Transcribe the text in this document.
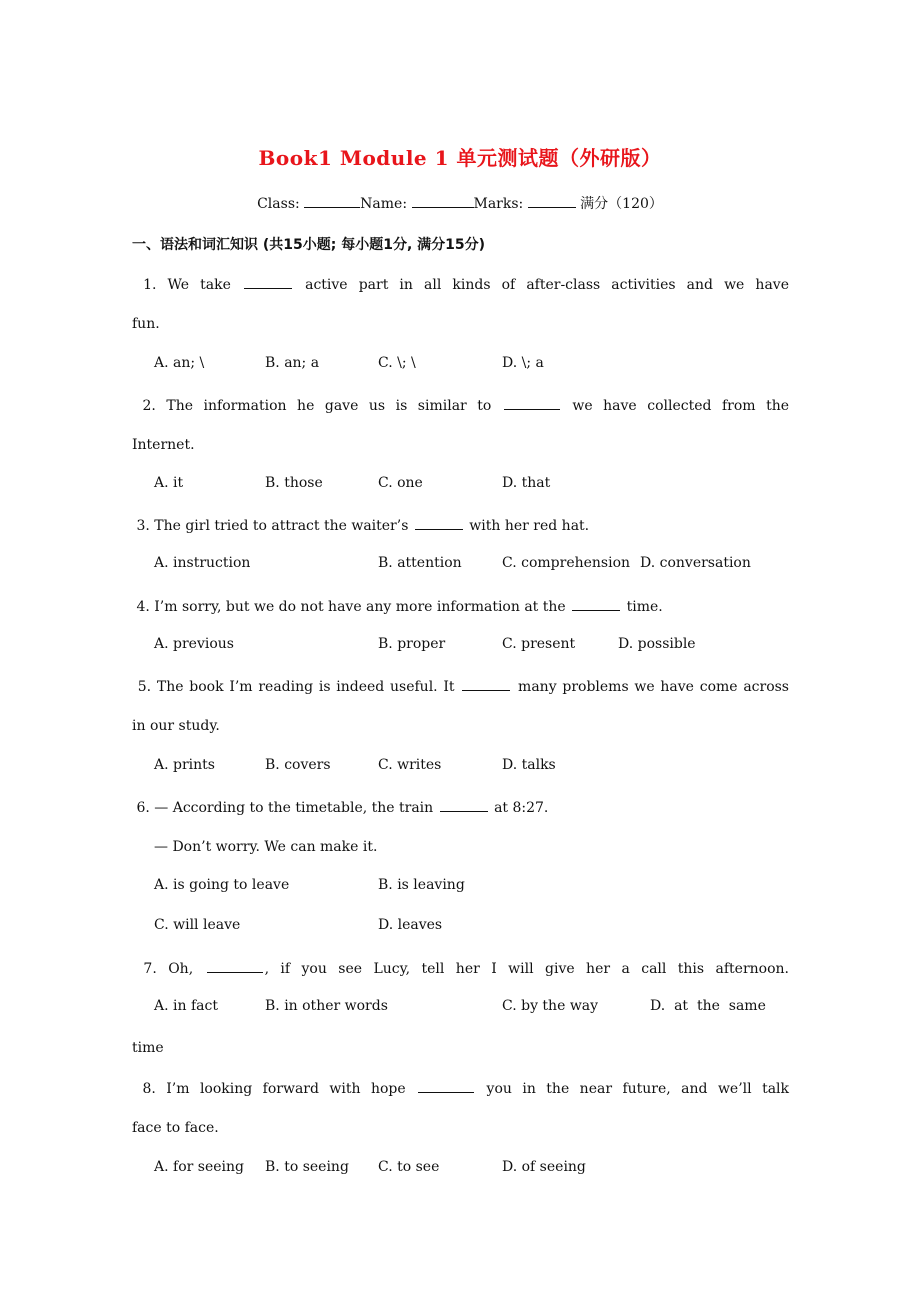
Book1 Module 1 单元测试题（外研版）
Class:	Name:	Marks:	满分（120）
一、语法和词汇知识 (共15小题; 每小题1分, 满分15分)
1. We take	active part in all kinds of after-class activities and we have
fun.
A. an; \	B. an; a	C. \; \	D. \; a
2. The information he gave us is similar to	we have collected from the
Internet.
A. it	B. those	C. one	D. that
3. The girl tried to attract the waiter’s	with her red hat.
A. instruction	B. attention	C. comprehension D. conversation
4. I’m sorry, but we do not have any more information at the	time.
A. previous	B. proper	C. present	D. possible
5. The book I’m reading is indeed useful. It	many problems we have come across
in our study.
A. prints	B. covers	C. writes	D. talks
6. — According to the timetable, the train	at 8:27.
— Don’t worry. We can make it.
A. is going to leave	B. is leaving
C. will leave	D. leaves
7. Oh,	, if you see Lucy, tell her I will give her a call this afternoon.
A. in fact	B. in other words	C. by the way	D.  at  the  same
time
8. I’m looking forward with hope	you in the near future, and we’ll talk
face to face.
A. for seeing B. to seeing C. to see	D. of seeing
